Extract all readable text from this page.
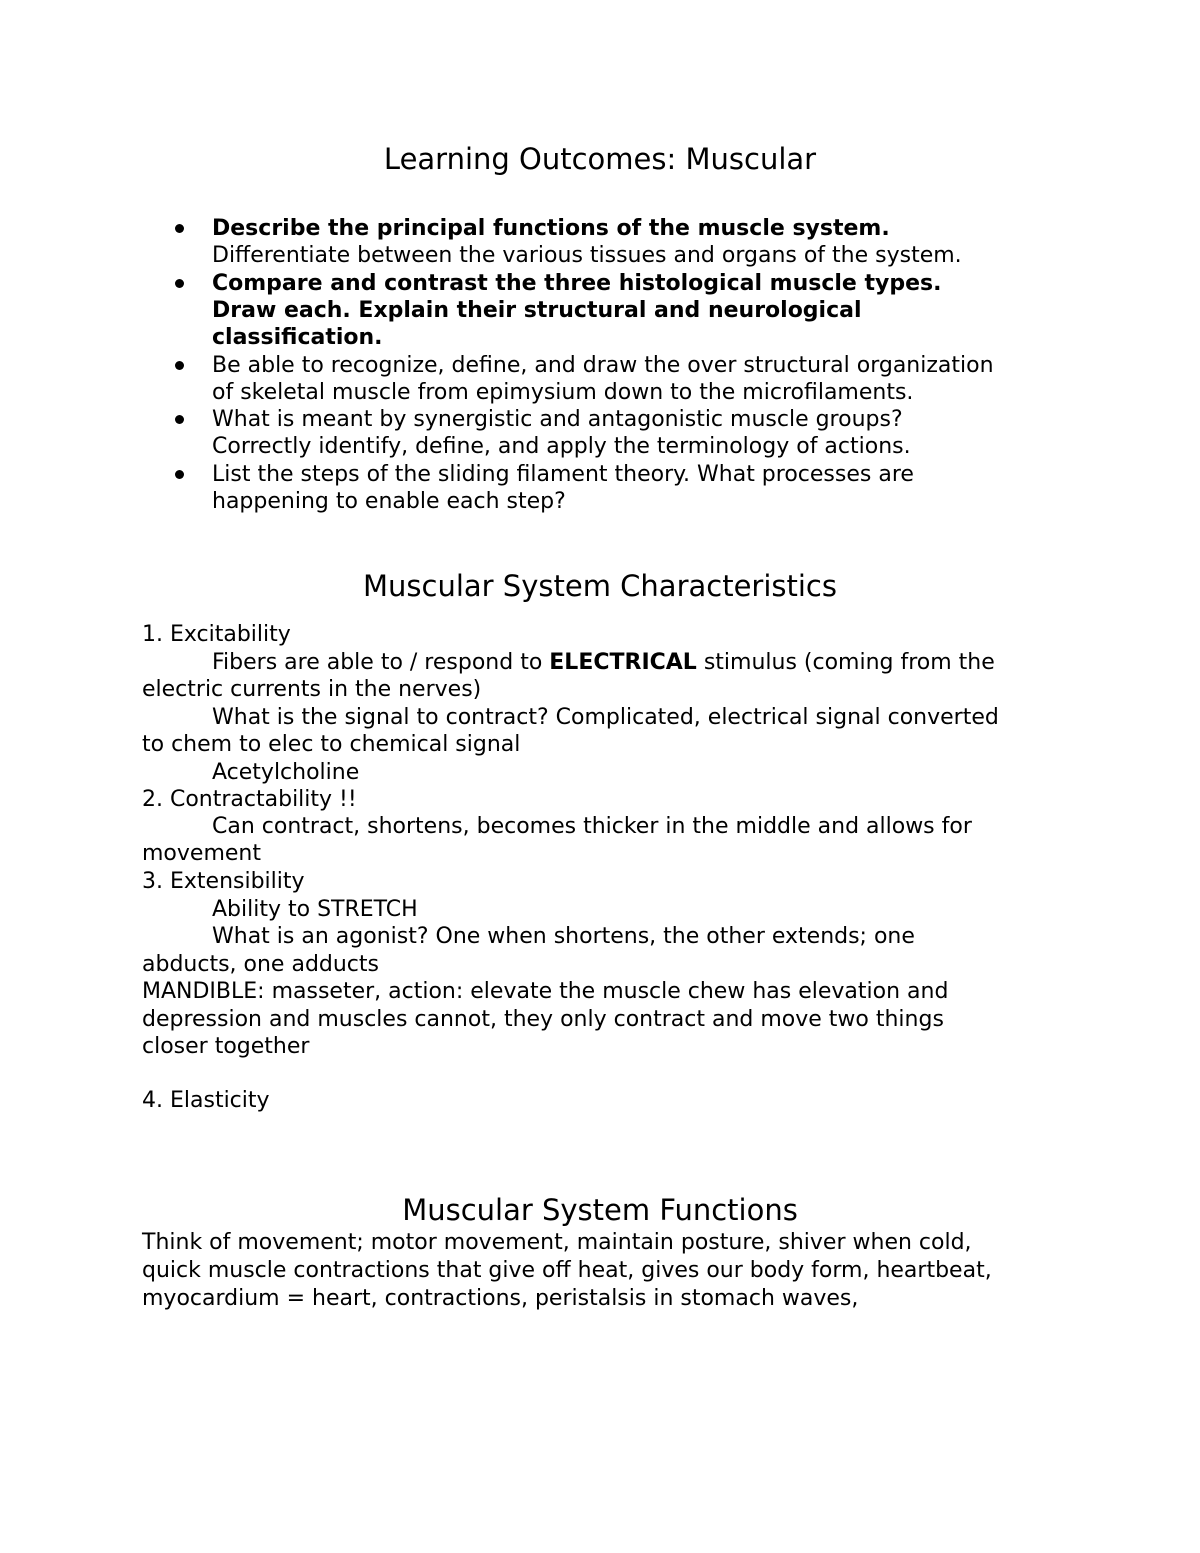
Learning Outcomes: Muscular

Describe the principal functions of the muscle system.

Differentiate between the various tissues and organs of the system.

Compare and contrast the three histological muscle types.

Draw each. Explain their structural and neurological

classification.

Be able to recognize, define, and draw the over structural organization

of skeletal muscle from epimysium down to the microfilaments.

What is meant by synergistic and antagonistic muscle groups?

Correctly identify, define, and apply the terminology of actions.

List the steps of the sliding filament theory. What processes are

happening to enable each step?

Muscular System Characteristics

1. Excitability

Fibers are able to / respond to ELECTRICAL stimulus (coming from the

electric currents in the nerves)

What is the signal to contract? Complicated, electrical signal converted

to chem to elec to chemical signal

Acetylcholine

2. Contractability !!

Can contract, shortens, becomes thicker in the middle and allows for

movement

3. Extensibility

Ability to STRETCH

What is an agonist? One when shortens, the other extends; one

abducts, one adducts

MANDIBLE: masseter, action: elevate the muscle chew has elevation and

depression and muscles cannot, they only contract and move two things

closer together

4. Elasticity

Muscular System Functions

Think of movement; motor movement, maintain posture, shiver when cold,

quick muscle contractions that give off heat, gives our body form, heartbeat,

myocardium = heart, contractions, peristalsis in stomach waves,
